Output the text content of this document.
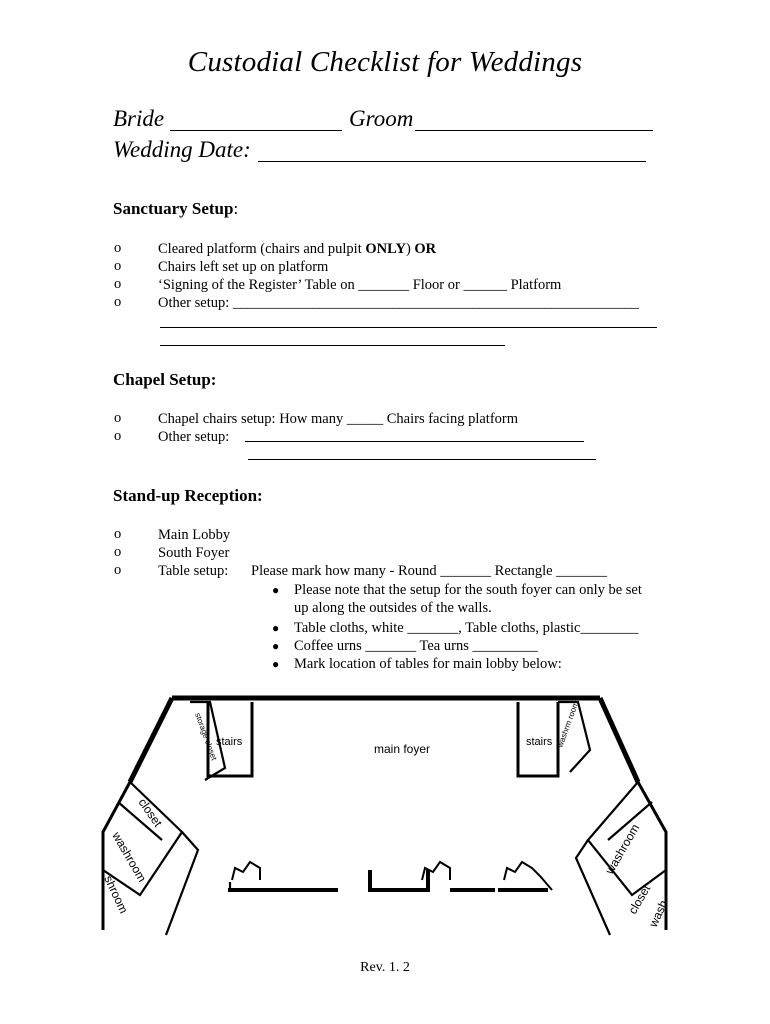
Custodial Checklist for Weddings
Bride	Groom
Wedding Date:
Sanctuary Setup:
o	Cleared platform (chairs and pulpit ONLY) OR
o	Chairs left set up on platform
o	‘Signing of the Register’ Table on _______ Floor or ______ Platform
o	Other setup: ________________________________________________________
Chapel Setup:
o	Chapel chairs setup: How many _____ Chairs facing platform
o	Other setup:
Stand-up Reception:
o	Main Lobby
o	South Foyer
o	Table setup: Please mark how many - Round _______ Rectangle _______
● Please note that the setup for the south foyer can only be set
up along the outsides of the walls.
● Table cloths, white _______, Table cloths, plastic________
● Coffee urns _______ Tea urns _________
● Mark location of tables for main lobby below:
stairs	stairs
main foyer
storage closet	washrm room
closet
washroom
shroom
washroom
closet
wash
Rev. 1. 2
